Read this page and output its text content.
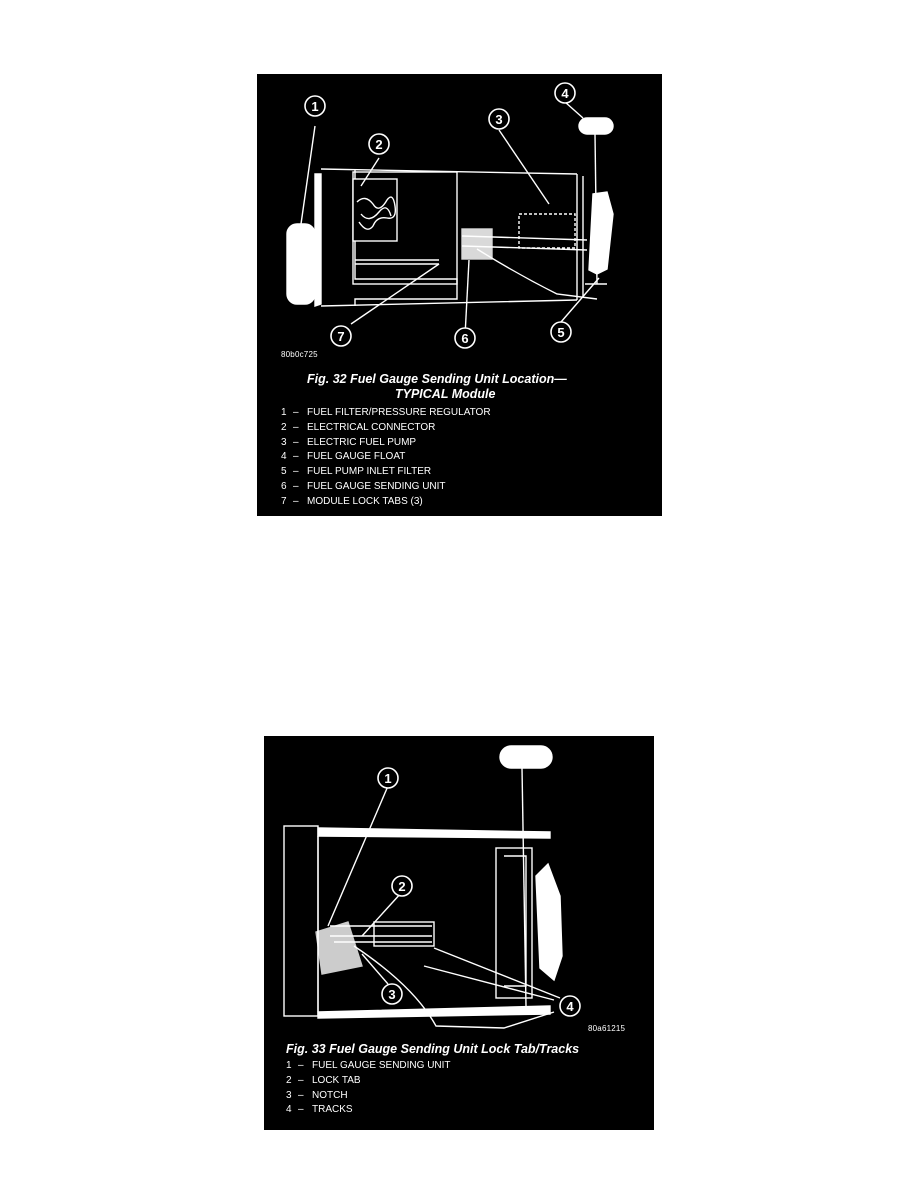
1
2
3
4
5
6
7
80b0c725
Fig. 32 Fuel Gauge Sending Unit Location—
TYPICAL Module
1 – FUEL FILTER/PRESSURE REGULATOR
2 – ELECTRICAL CONNECTOR
3 – ELECTRIC FUEL PUMP
4 – FUEL GAUGE FLOAT
5 – FUEL PUMP INLET FILTER
6 – FUEL GAUGE SENDING UNIT
7 – MODULE LOCK TABS (3)
1
2
3
4
80a61215
Fig. 33 Fuel Gauge Sending Unit Lock Tab/Tracks
1 – FUEL GAUGE SENDING UNIT
2 – LOCK TAB
3 – NOTCH
4 – TRACKS
